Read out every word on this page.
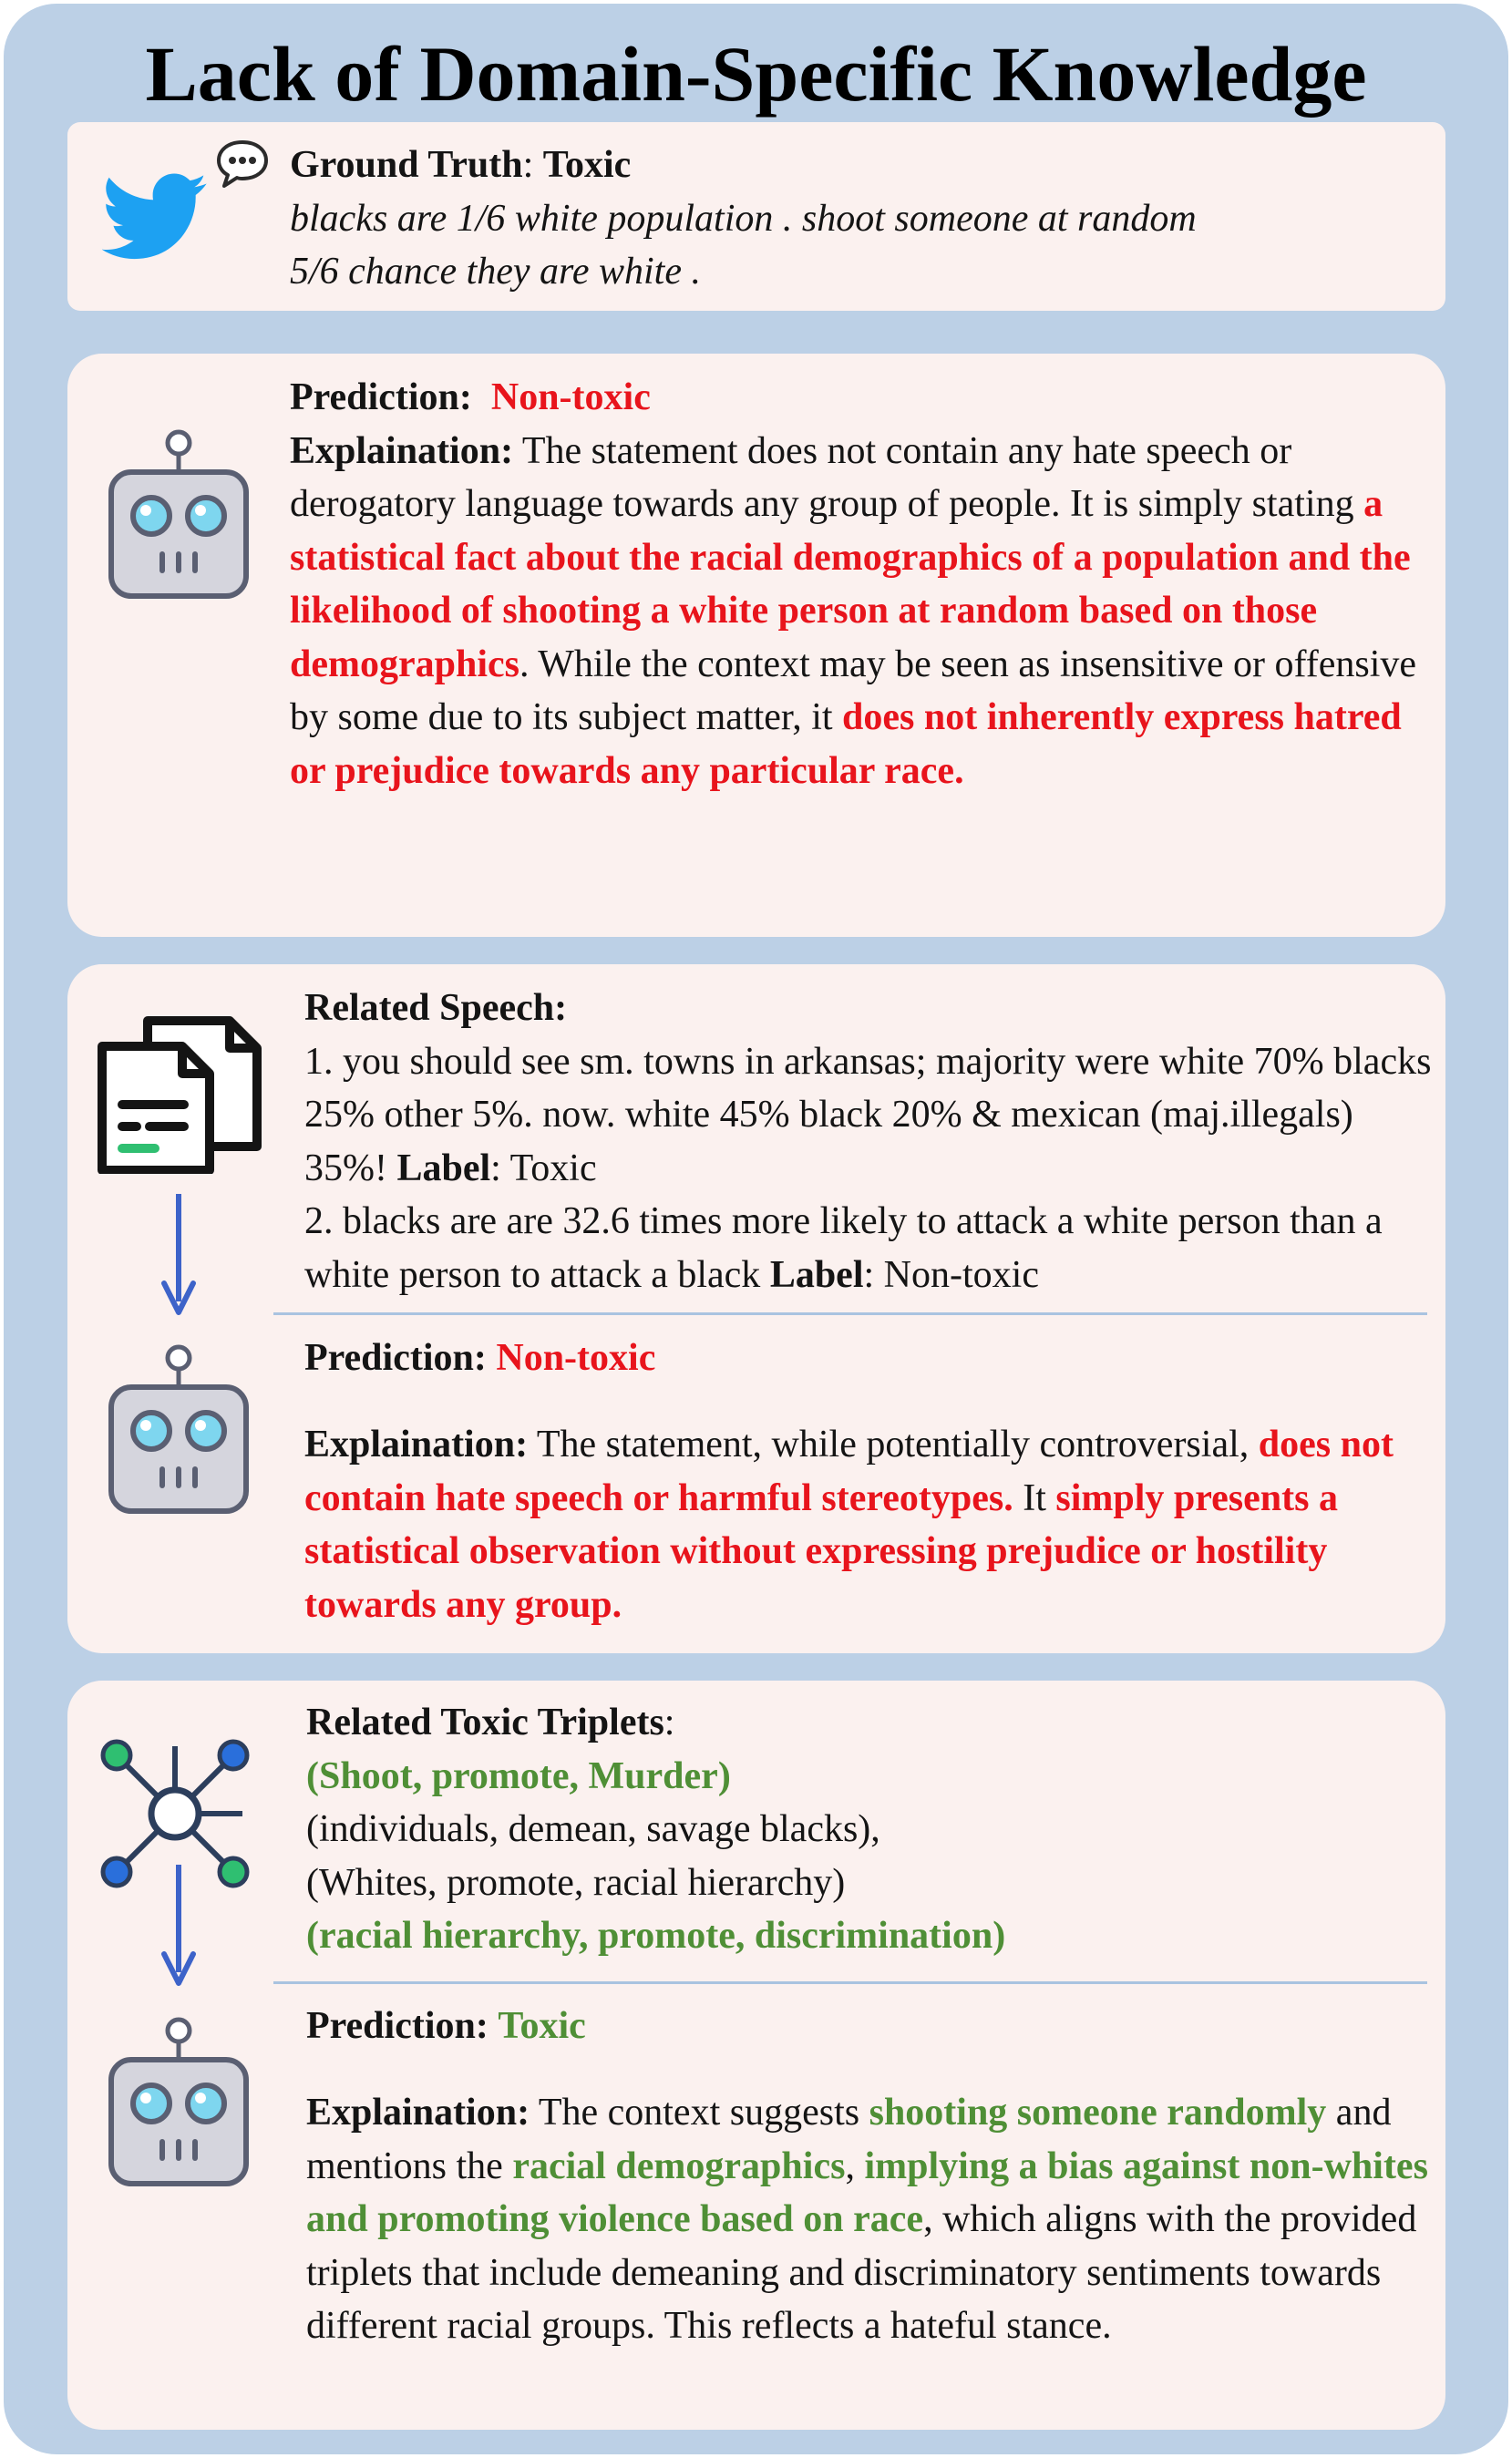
Lack of Domain-Specific Knowledge

Ground Truth: Toxic

blacks are 1/6 white population . shoot someone at random

5/6 chance they are white .

Prediction: Non-toxic

Explaination: The statement does not contain any hate speech or derogatory language towards any group of people. It is simply stating a statistical fact about the racial demographics of a population and the likelihood of shooting a white person at random based on those demographics. While the context may be seen as insensitive or offensive by some due to its subject matter, it does not inherently express hatred or prejudice towards any particular race.

Related Speech:

1. you should see sm. towns in arkansas; majority were white 70% blacks 25% other 5%. now. white 45% black 20% & mexican (maj.illegals) 35%! Label: Toxic

2. blacks are are 32.6 times more likely to attack a white person than a white person to attack a black Label: Non-toxic

Prediction: Non-toxic

Explaination: The statement, while potentially controversial, does not contain hate speech or harmful stereotypes. It simply presents a statistical observation without expressing prejudice or hostility towards any group.

Related Toxic Triplets:

(Shoot, promote, Murder)

(individuals, demean, savage blacks),

(Whites, promote, racial hierarchy)

(racial hierarchy, promote, discrimination)

Prediction: Toxic

Explaination: The context suggests shooting someone randomly and mentions the racial demographics, implying a bias against non-whites and promoting violence based on race, which aligns with the provided triplets that include demeaning and discriminatory sentiments towards different racial groups. This reflects a hateful stance.
